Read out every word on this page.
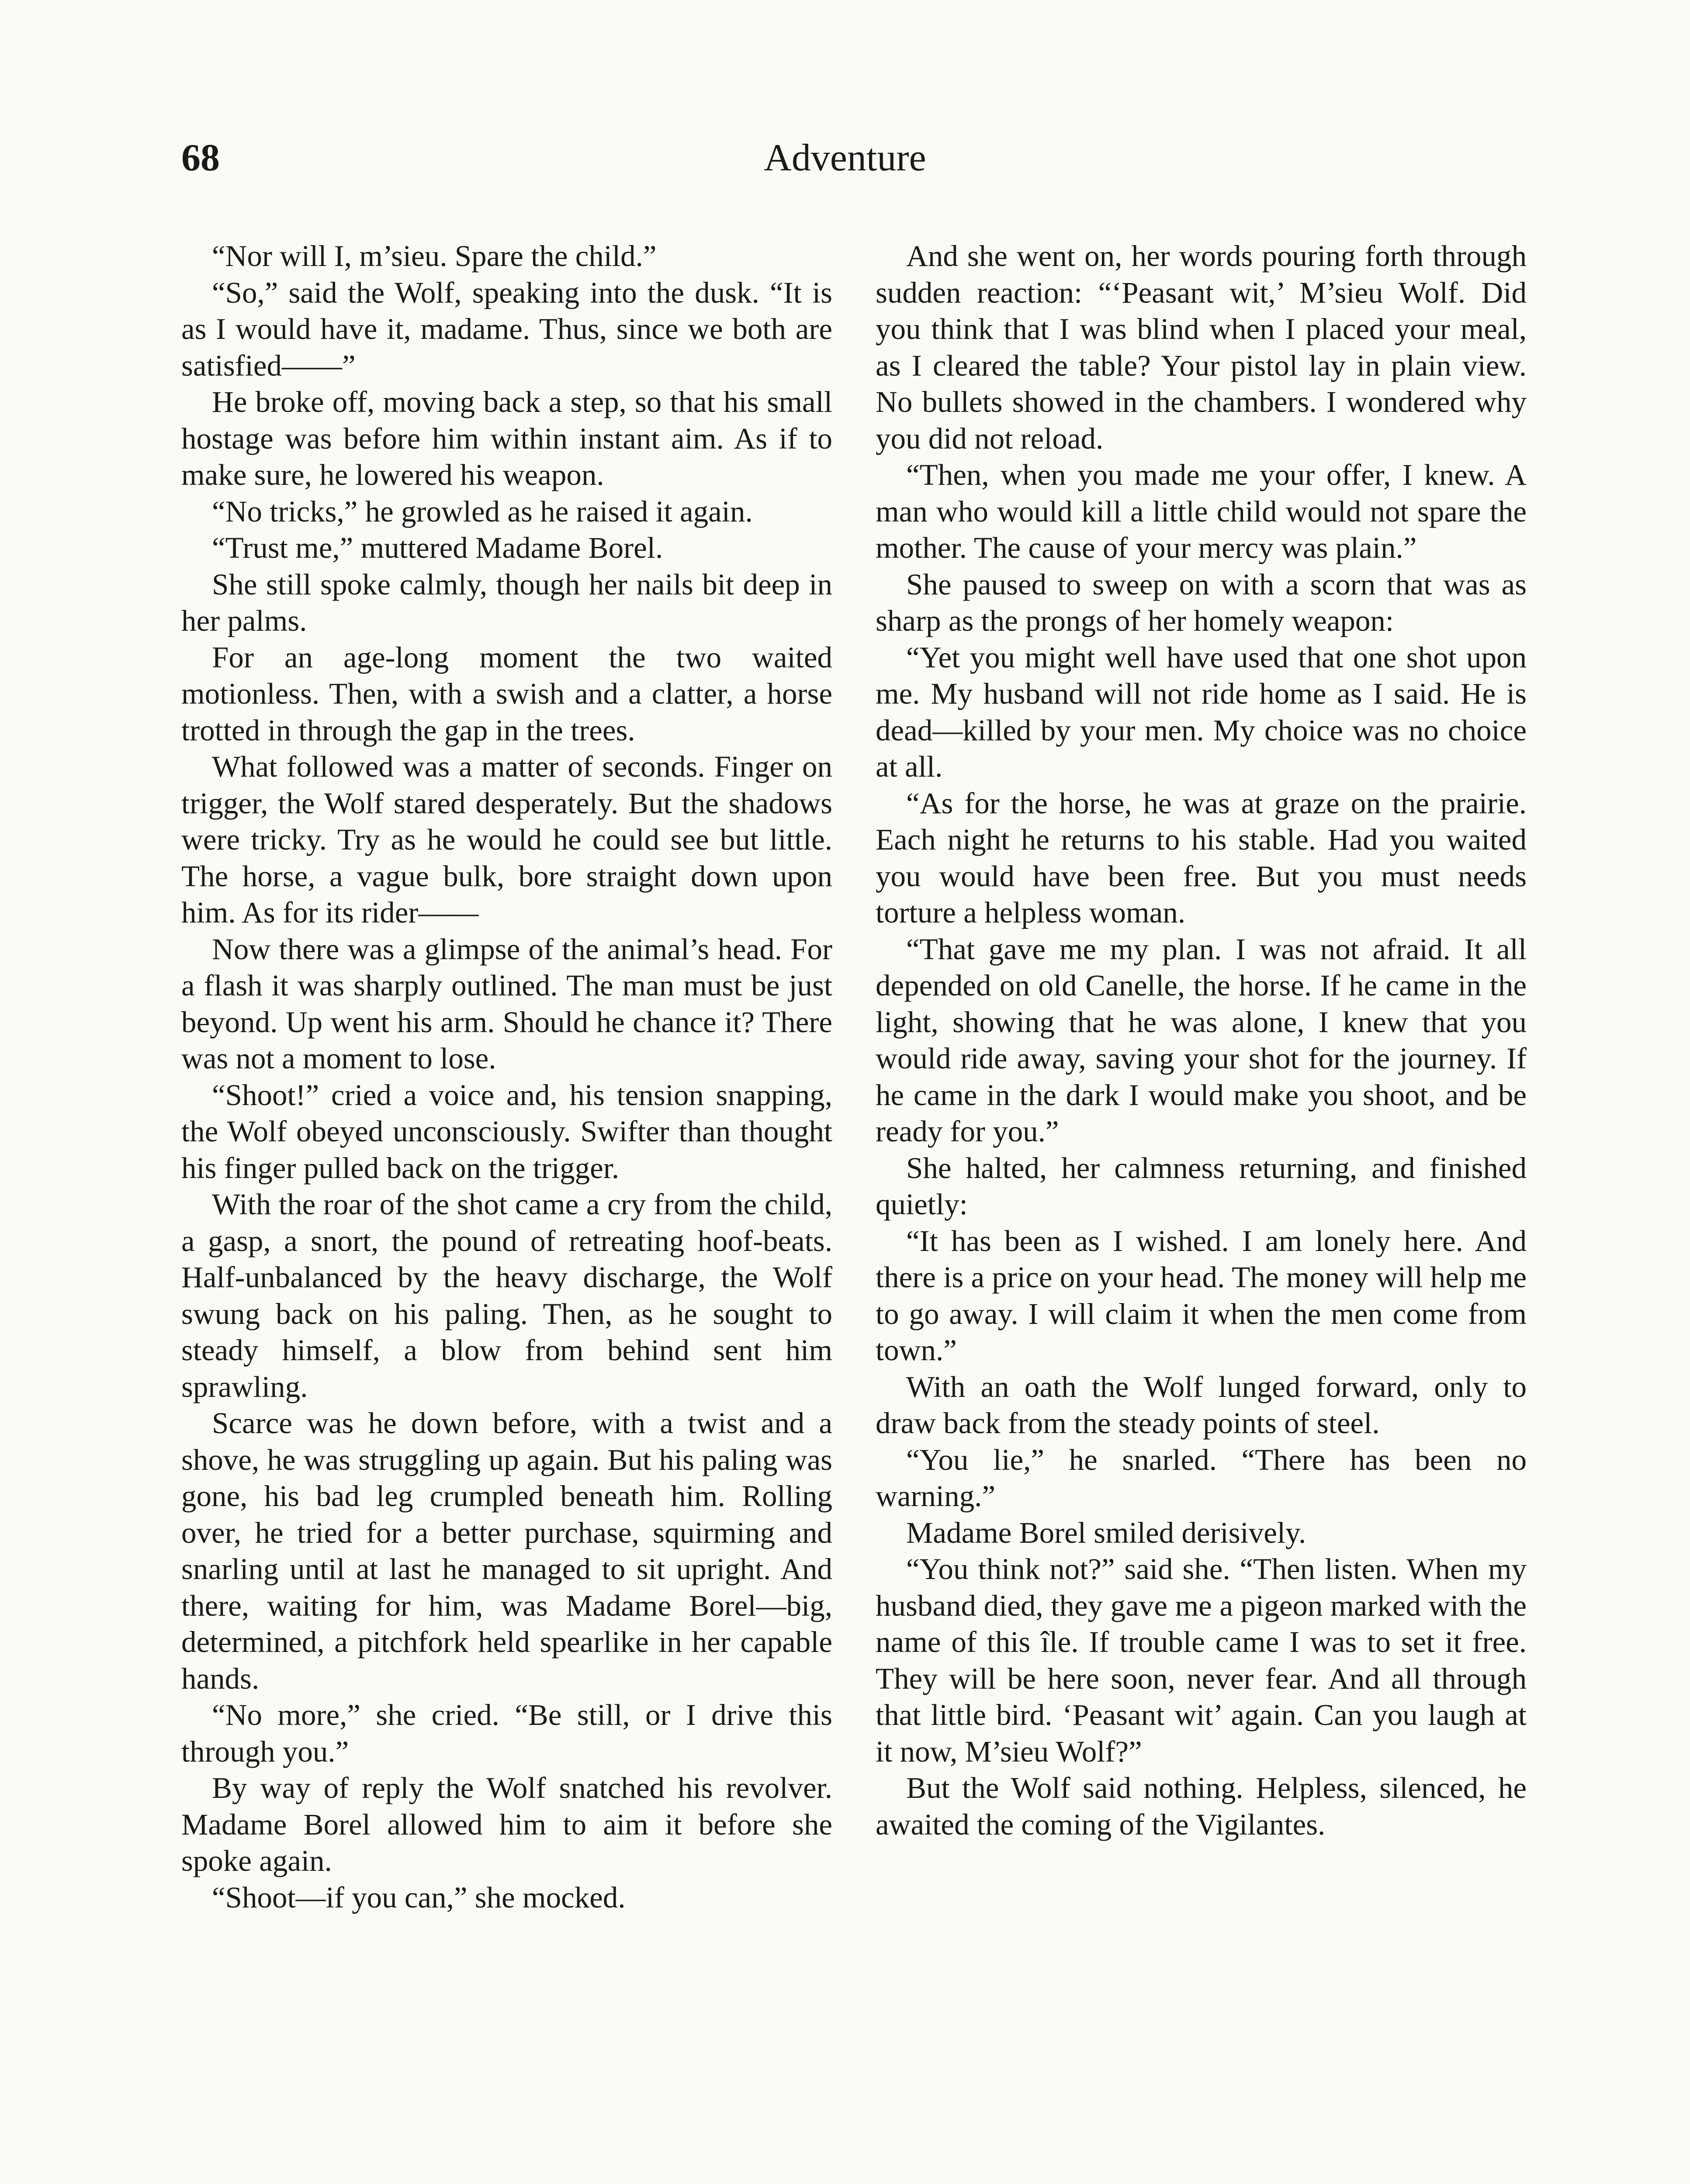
68	Adventure

“Nor will I, m’sieu. Spare the child.”

“So,” said the Wolf, speaking into the dusk. “It is as I would have it, madame. Thus, since we both are satisfied——”

He broke off, moving back a step, so that his small hostage was before him within instant aim. As if to make sure, he lowered his weapon.

“No tricks,” he growled as he raised it again.

“Trust me,” muttered Madame Borel.

She still spoke calmly, though her nails bit deep in her palms.

For an age-long moment the two waited motionless. Then, with a swish and a clatter, a horse trotted in through the gap in the trees.

What followed was a matter of seconds. Finger on trigger, the Wolf stared desperately. But the shadows were tricky. Try as he would he could see but little. The horse, a vague bulk, bore straight down upon him. As for its rider——

Now there was a glimpse of the animal’s head. For a flash it was sharply outlined. The man must be just beyond. Up went his arm. Should he chance it? There was not a moment to lose.

“Shoot!” cried a voice and, his tension snapping, the Wolf obeyed unconsciously. Swifter than thought his finger pulled back on the trigger.

With the roar of the shot came a cry from the child, a gasp, a snort, the pound of retreating hoof-beats. Half-unbalanced by the heavy discharge, the Wolf swung back on his paling. Then, as he sought to steady himself, a blow from behind sent him sprawling.

Scarce was he down before, with a twist and a shove, he was struggling up again. But his paling was gone, his bad leg crumpled beneath him. Rolling over, he tried for a better purchase, squirming and snarling until at last he managed to sit upright. And there, waiting for him, was Madame Borel—big, determined, a pitchfork held spearlike in her capable hands.

“No more,” she cried. “Be still, or I drive this through you.”

By way of reply the Wolf snatched his revolver. Madame Borel allowed him to aim it before she spoke again.

“Shoot—if you can,” she mocked.

And she went on, her words pouring forth through sudden reaction: “‘Peasant wit,’ M’sieu Wolf. Did you think that I was blind when I placed your meal, as I cleared the table? Your pistol lay in plain view. No bullets showed in the chambers. I wondered why you did not reload.

“Then, when you made me your offer, I knew. A man who would kill a little child would not spare the mother. The cause of your mercy was plain.”

She paused to sweep on with a scorn that was as sharp as the prongs of her homely weapon:

“Yet you might well have used that one shot upon me. My husband will not ride home as I said. He is dead—killed by your men. My choice was no choice at all.

“As for the horse, he was at graze on the prairie. Each night he returns to his stable. Had you waited you would have been free. But you must needs torture a helpless woman.

“That gave me my plan. I was not afraid. It all depended on old Canelle, the horse. If he came in the light, showing that he was alone, I knew that you would ride away, saving your shot for the journey. If he came in the dark I would make you shoot, and be ready for you.”

She halted, her calmness returning, and finished quietly:

“It has been as I wished. I am lonely here. And there is a price on your head. The money will help me to go away. I will claim it when the men come from town.”

With an oath the Wolf lunged forward, only to draw back from the steady points of steel.

“You lie,” he snarled. “There has been no warning.”

Madame Borel smiled derisively.

“You think not?” said she. “Then listen. When my husband died, they gave me a pigeon marked with the name of this île. If trouble came I was to set it free. They will be here soon, never fear. And all through that little bird. ‘Peasant wit’ again. Can you laugh at it now, M’sieu Wolf?”

But the Wolf said nothing. Helpless, silenced, he awaited the coming of the Vigilantes.
